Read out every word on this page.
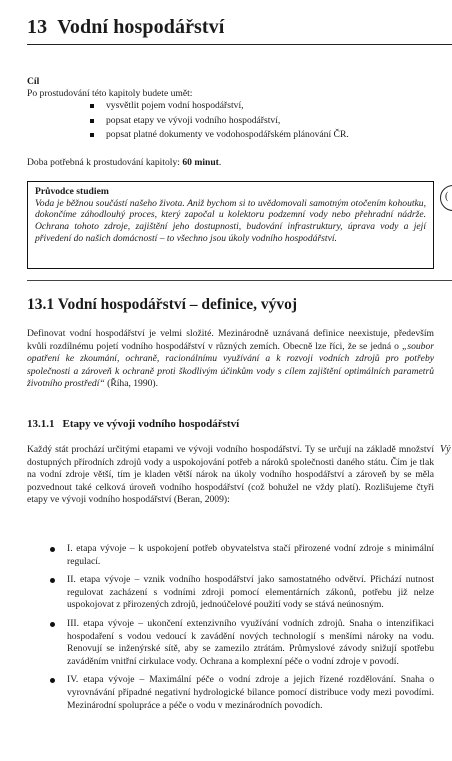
13 Vodní hospodářství
Cíl
Po prostudování této kapitoly budete umět:
vysvětlit pojem vodní hospodářství,
popsat etapy ve vývoji vodního hospodářství,
popsat platné dokumenty ve vodohospodářském plánování ČR.
Doba potřebná k prostudování kapitoly: 60 minut.
Průvodce studiem
Voda je běžnou součástí našeho života. Aniž bychom si to uvědomovali samotným otočením kohoutku, dokončíme záhodlouhý proces, který započal u kolektoru podzemní vody nebo přehradní nádrže. Ochrana tohoto zdroje, zajištění jeho dostupnosti, budování infrastruktury, úprava vody a její přivedení do našich domácností – to všechno jsou úkoly vodního hospodářství.
(
13.1 Vodní hospodářství – definice, vývoj
Definovat vodní hospodářství je velmi složité. Mezinárodně uznávaná definice neexistuje, především kvůli rozdílnému pojetí vodního hospodářství v různých zemích. Obecně lze říci, že se jedná o „soubor opatření ke zkoumání, ochraně, racionálnímu využívání a k rozvoji vodních zdrojů pro potřeby společnosti a zároveň k ochraně proti škodlivým účinkům vody s cílem zajištění optimálních parametrů životního prostředí“ (Říha, 1990).
13.1.1 Etapy ve vývoji vodního hospodářství
Vý
Každý stát prochází určitými etapami ve vývoji vodního hospodářství. Ty se určují na základě množství dostupných přírodních zdrojů vody a uspokojování potřeb a nároků společnosti daného státu. Čím je tlak na vodní zdroje větší, tím je kladen větší nárok na úkoly vodního hospodářství a zároveň by se měla pozvednout také celková úroveň vodního hospodářství (což bohužel ne vždy platí). Rozlišujeme čtyři etapy ve vývoji vodního hospodářství (Beran, 2009):
I. etapa vývoje – k uspokojení potřeb obyvatelstva stačí přirozené vodní zdroje s minimální regulací.
II. etapa vývoje – vznik vodního hospodářství jako samostatného odvětví. Přichází nutnost regulovat zacházení s vodními zdroji pomocí elementárních zákonů, potřebu již nelze uspokojovat z přirozených zdrojů, jednoúčelové použití vody se stává neúnosným.
III. etapa vývoje – ukončení extenzivního využívání vodních zdrojů. Snaha o intenzifikaci hospodaření s vodou vedoucí k zavádění nových technologií s menšími nároky na vodu. Renovují se inženýrské sítě, aby se zamezilo ztrátám. Průmyslové závody snižují spotřebu zaváděním vnitřní cirkulace vody. Ochrana a komplexní péče o vodní zdroje v povodí.
IV. etapa vývoje – Maximální péče o vodní zdroje a jejich řízené rozdělování. Snaha o vyrovnávání případné negativní hydrologické bilance pomocí distribuce vody mezi povodími. Mezinárodní spolupráce a péče o vodu v mezinárodních povodích.
